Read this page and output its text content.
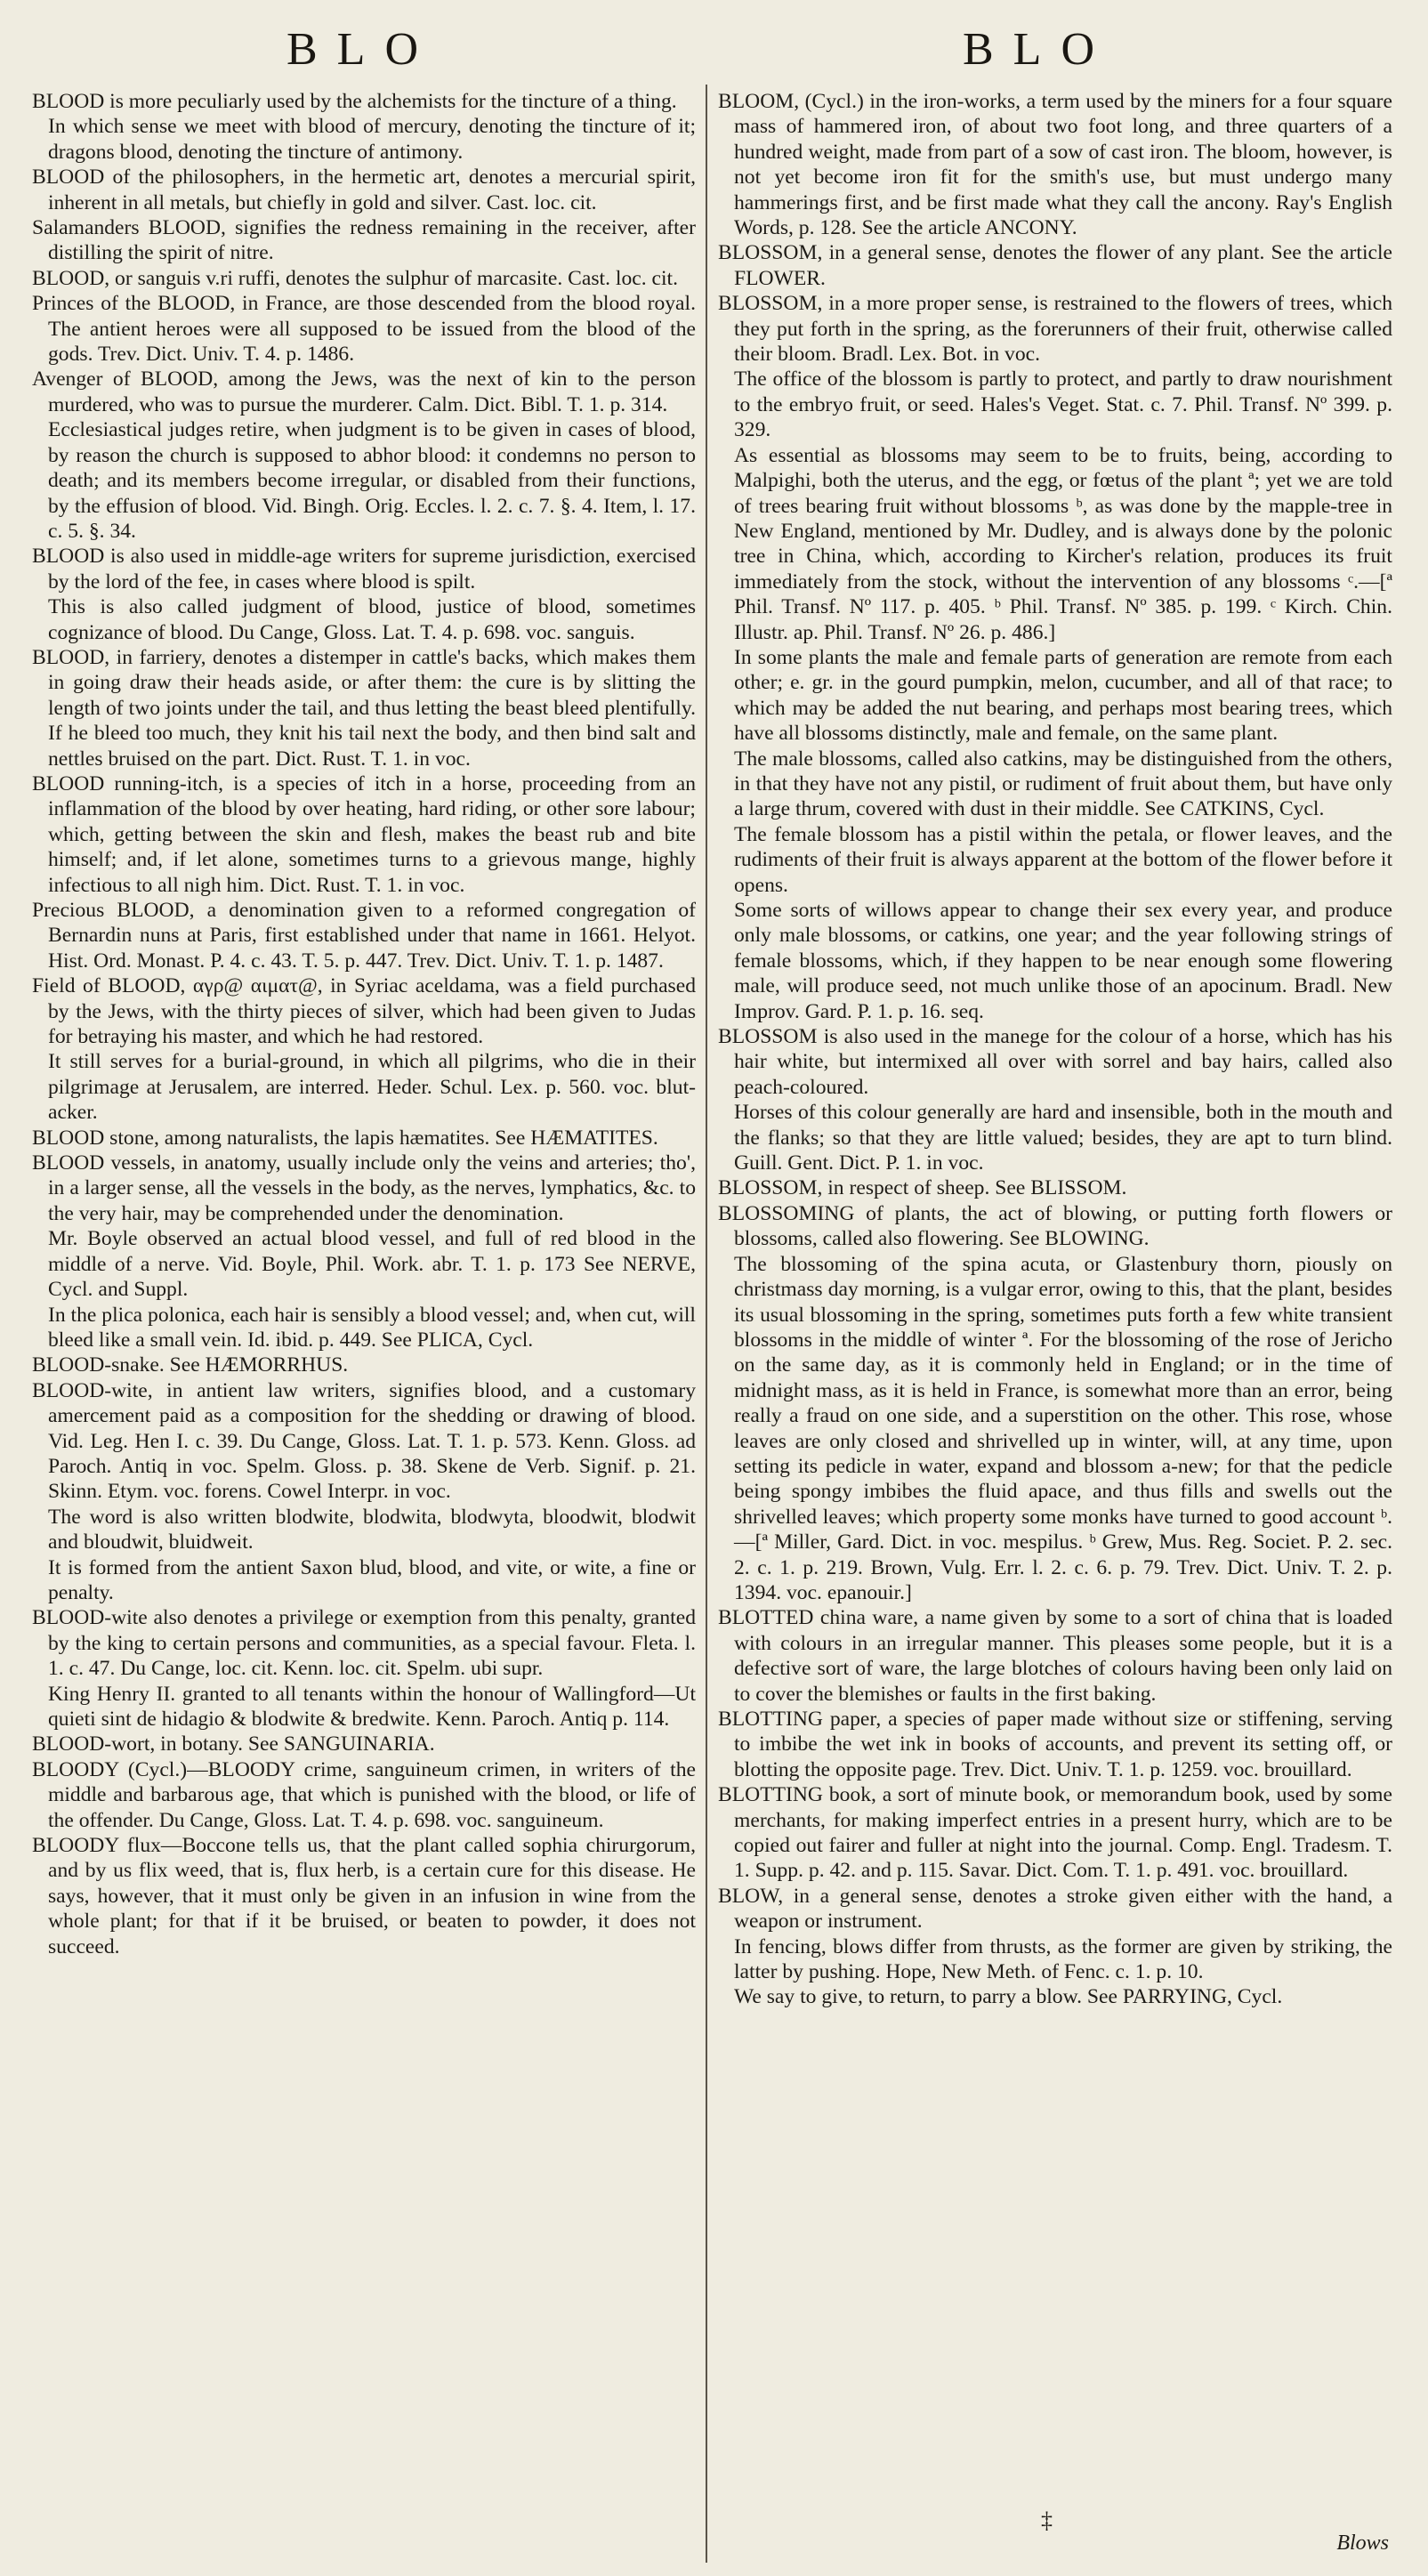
BLO	BLO

BLOOD is more peculiarly used by the alchemists for the tincture of a thing.

In which sense we meet with blood of mercury, denoting the tincture of it; dragons blood, denoting the tincture of antimony.

BLOOD of the philosophers, in the hermetic art, denotes a mercurial spirit, inherent in all metals, but chiefly in gold and silver. Cast. loc. cit.

Salamanders BLOOD, signifies the redness remaining in the receiver, after distilling the spirit of nitre.

BLOOD, or sanguis v.ri ruffi, denotes the sulphur of marcasite. Cast. loc. cit.

Princes of the BLOOD, in France, are those descended from the blood royal. The antient heroes were all supposed to be issued from the blood of the gods. Trev. Dict. Univ. T. 4. p. 1486.

Avenger of BLOOD, among the Jews, was the next of kin to the person murdered, who was to pursue the murderer. Calm. Dict. Bibl. T. 1. p. 314.

Ecclesiastical judges retire, when judgment is to be given in cases of blood, by reason the church is supposed to abhor blood: it condemns no person to death; and its members become irregular, or disabled from their functions, by the effusion of blood. Vid. Bingh. Orig. Eccles. l. 2. c. 7. §. 4. Item, l. 17. c. 5. §. 34.

BLOOD is also used in middle-age writers for supreme jurisdiction, exercised by the lord of the fee, in cases where blood is spilt.

This is also called judgment of blood, justice of blood, sometimes cognizance of blood. Du Cange, Gloss. Lat. T. 4. p. 698. voc. sanguis.

BLOOD, in farriery, denotes a distemper in cattle's backs, which makes them in going draw their heads aside, or after them: the cure is by slitting the length of two joints under the tail, and thus letting the beast bleed plentifully. If he bleed too much, they knit his tail next the body, and then bind salt and nettles bruised on the part. Dict. Rust. T. 1. in voc.

BLOOD running-itch, is a species of itch in a horse, proceeding from an inflammation of the blood by over heating, hard riding, or other sore labour; which, getting between the skin and flesh, makes the beast rub and bite himself; and, if let alone, sometimes turns to a grievous mange, highly infectious to all nigh him. Dict. Rust. T. 1. in voc.

Precious BLOOD, a denomination given to a reformed congregation of Bernardin nuns at Paris, first established under that name in 1661. Helyot. Hist. Ord. Monast. P. 4. c. 43. T. 5. p. 447. Trev. Dict. Univ. T. 1. p. 1487.

Field of BLOOD, αγρ@ αιματ@, in Syriac aceldama, was a field purchased by the Jews, with the thirty pieces of silver, which had been given to Judas for betraying his master, and which he had restored.

It still serves for a burial-ground, in which all pilgrims, who die in their pilgrimage at Jerusalem, are interred. Heder. Schul. Lex. p. 560. voc. blut-acker.

BLOOD stone, among naturalists, the lapis hæmatites. See HÆMATITES.

BLOOD vessels, in anatomy, usually include only the veins and arteries; tho', in a larger sense, all the vessels in the body, as the nerves, lymphatics, &c. to the very hair, may be comprehended under the denomination.

Mr. Boyle observed an actual blood vessel, and full of red blood in the middle of a nerve. Vid. Boyle, Phil. Work. abr. T. 1. p. 173 See NERVE, Cycl. and Suppl.

In the plica polonica, each hair is sensibly a blood vessel; and, when cut, will bleed like a small vein. Id. ibid. p. 449. See PLICA, Cycl.

BLOOD-snake. See HÆMORRHUS.

BLOOD-wite, in antient law writers, signifies blood, and a customary amercement paid as a composition for the shedding or drawing of blood. Vid. Leg. Hen I. c. 39. Du Cange, Gloss. Lat. T. 1. p. 573. Kenn. Gloss. ad Paroch. Antiq in voc. Spelm. Gloss. p. 38. Skene de Verb. Signif. p. 21. Skinn. Etym. voc. forens. Cowel Interpr. in voc.

The word is also written blodwite, blodwita, blodwyta, bloodwit, blodwit and bloudwit, bluidweit.

It is formed from the antient Saxon blud, blood, and vite, or wite, a fine or penalty.

BLOOD-wite also denotes a privilege or exemption from this penalty, granted by the king to certain persons and communities, as a special favour. Fleta. l. 1. c. 47. Du Cange, loc. cit. Kenn. loc. cit. Spelm. ubi supr.

King Henry II. granted to all tenants within the honour of Wallingford—Ut quieti sint de hidagio & blodwite & bredwite. Kenn. Paroch. Antiq p. 114.

BLOOD-wort, in botany. See SANGUINARIA.

BLOODY (Cycl.)—BLOODY crime, sanguineum crimen, in writers of the middle and barbarous age, that which is punished with the blood, or life of the offender. Du Cange, Gloss. Lat. T. 4. p. 698. voc. sanguineum.

BLOODY flux—Boccone tells us, that the plant called sophia chirurgorum, and by us flix weed, that is, flux herb, is a certain cure for this disease. He says, however, that it must only be given in an infusion in wine from the whole plant; for that if it be bruised, or beaten to powder, it does not succeed.

BLOOM, (Cycl.) in the iron-works, a term used by the miners for a four square mass of hammered iron, of about two foot long, and three quarters of a hundred weight, made from part of a sow of cast iron. The bloom, however, is not yet become iron fit for the smith's use, but must undergo many hammerings first, and be first made what they call the ancony. Ray's English Words, p. 128. See the article ANCONY.

BLOSSOM, in a general sense, denotes the flower of any plant. See the article FLOWER.

BLOSSOM, in a more proper sense, is restrained to the flowers of trees, which they put forth in the spring, as the forerunners of their fruit, otherwise called their bloom. Bradl. Lex. Bot. in voc.

The office of the blossom is partly to protect, and partly to draw nourishment to the embryo fruit, or seed. Hales's Veget. Stat. c. 7. Phil. Transf. Nº 399. p. 329.

As essential as blossoms may seem to be to fruits, being, according to Malpighi, both the uterus, and the egg, or fœtus of the plant ª; yet we are told of trees bearing fruit without blossoms ᵇ, as was done by the mapple-tree in New England, mentioned by Mr. Dudley, and is always done by the polonic tree in China, which, according to Kircher's relation, produces its fruit immediately from the stock, without the intervention of any blossoms ᶜ.—[ª Phil. Transf. Nº 117. p. 405. ᵇ Phil. Transf. Nº 385. p. 199. ᶜ Kirch. Chin. Illustr. ap. Phil. Transf. Nº 26. p. 486.]

In some plants the male and female parts of generation are remote from each other; e. gr. in the gourd pumpkin, melon, cucumber, and all of that race; to which may be added the nut bearing, and perhaps most bearing trees, which have all blossoms distinctly, male and female, on the same plant.

The male blossoms, called also catkins, may be distinguished from the others, in that they have not any pistil, or rudiment of fruit about them, but have only a large thrum, covered with dust in their middle. See CATKINS, Cycl.

The female blossom has a pistil within the petala, or flower leaves, and the rudiments of their fruit is always apparent at the bottom of the flower before it opens.

Some sorts of willows appear to change their sex every year, and produce only male blossoms, or catkins, one year; and the year following strings of female blossoms, which, if they happen to be near enough some flowering male, will produce seed, not much unlike those of an apocinum. Bradl. New Improv. Gard. P. 1. p. 16. seq.

BLOSSOM is also used in the manege for the colour of a horse, which has his hair white, but intermixed all over with sorrel and bay hairs, called also peach-coloured.

Horses of this colour generally are hard and insensible, both in the mouth and the flanks; so that they are little valued; besides, they are apt to turn blind. Guill. Gent. Dict. P. 1. in voc.

BLOSSOM, in respect of sheep. See BLISSOM.

BLOSSOMING of plants, the act of blowing, or putting forth flowers or blossoms, called also flowering. See BLOWING.

The blossoming of the spina acuta, or Glastenbury thorn, piously on christmass day morning, is a vulgar error, owing to this, that the plant, besides its usual blossoming in the spring, sometimes puts forth a few white transient blossoms in the middle of winter ª. For the blossoming of the rose of Jericho on the same day, as it is commonly held in England; or in the time of midnight mass, as it is held in France, is somewhat more than an error, being really a fraud on one side, and a superstition on the other. This rose, whose leaves are only closed and shrivelled up in winter, will, at any time, upon setting its pedicle in water, expand and blossom a-new; for that the pedicle being spongy imbibes the fluid apace, and thus fills and swells out the shrivelled leaves; which property some monks have turned to good account ᵇ.—[ª Miller, Gard. Dict. in voc. mespilus. ᵇ Grew, Mus. Reg. Societ. P. 2. sec. 2. c. 1. p. 219. Brown, Vulg. Err. l. 2. c. 6. p. 79. Trev. Dict. Univ. T. 2. p. 1394. voc. epanouir.]

BLOTTED china ware, a name given by some to a sort of china that is loaded with colours in an irregular manner. This pleases some people, but it is a defective sort of ware, the large blotches of colours having been only laid on to cover the blemishes or faults in the first baking.

BLOTTING paper, a species of paper made without size or stiffening, serving to imbibe the wet ink in books of accounts, and prevent its setting off, or blotting the opposite page. Trev. Dict. Univ. T. 1. p. 1259. voc. brouillard.

BLOTTING book, a sort of minute book, or memorandum book, used by some merchants, for making imperfect entries in a present hurry, which are to be copied out fairer and fuller at night into the journal. Comp. Engl. Tradesm. T. 1. Supp. p. 42. and p. 115. Savar. Dict. Com. T. 1. p. 491. voc. brouillard.

BLOW, in a general sense, denotes a stroke given either with the hand, a weapon or instrument.

In fencing, blows differ from thrusts, as the former are given by striking, the latter by pushing. Hope, New Meth. of Fenc. c. 1. p. 10.

We say to give, to return, to parry a blow. See PARRYING, Cycl.

‡
Blows
